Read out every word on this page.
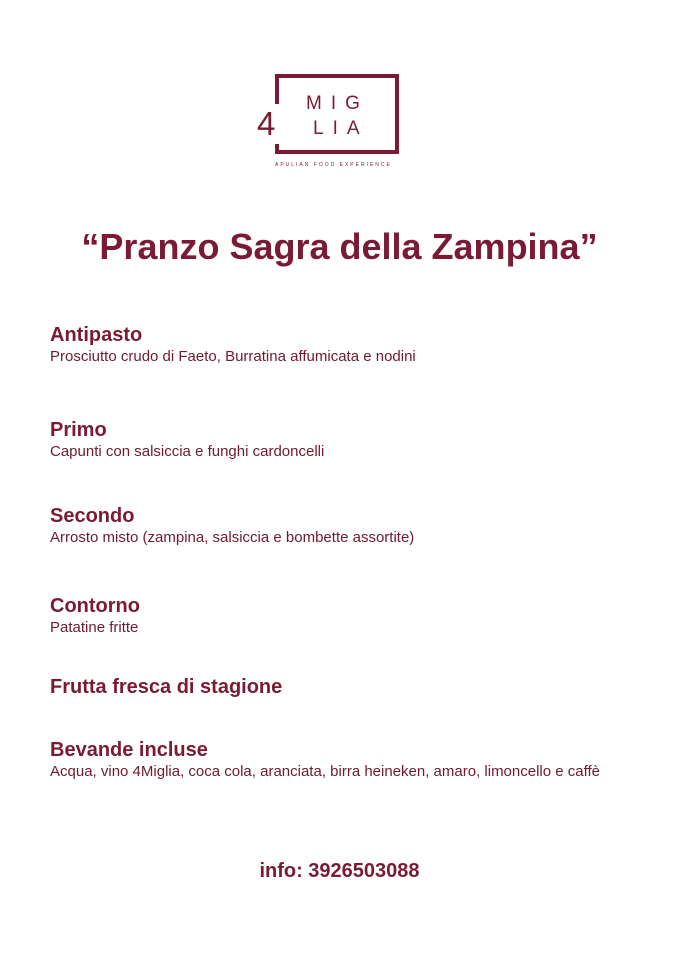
4
MIG
LIA
APULIAN FOOD EXPERIENCE
“Pranzo Sagra della Zampina”
Antipasto
Prosciutto crudo di Faeto, Burratina affumicata e nodini
Primo
Capunti con salsiccia e funghi cardoncelli
Secondo
Arrosto misto (zampina, salsiccia e bombette assortite)
Contorno
Patatine fritte
Frutta fresca di stagione
Bevande incluse
Acqua, vino 4Miglia, coca cola, aranciata, birra heineken, amaro, limoncello e caffè
info: 3926503088
